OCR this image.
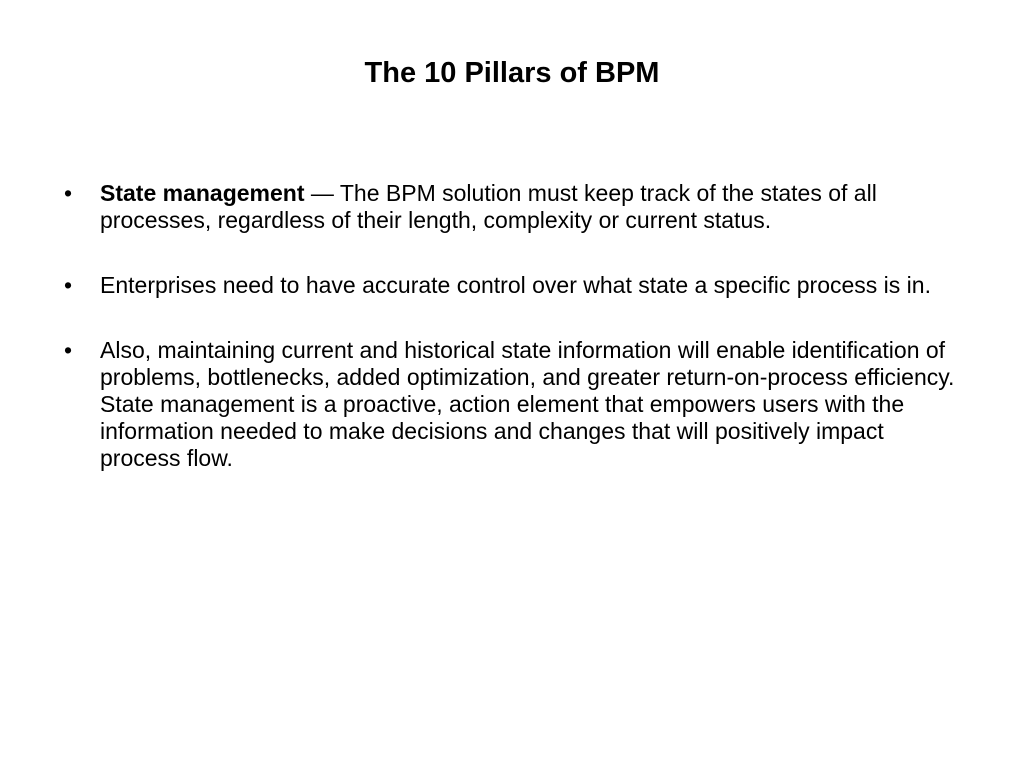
The 10 Pillars of BPM
• State management — The BPM solution must keep track of the states of all processes, regardless of their length, complexity or current status.
• Enterprises need to have accurate control over what state a specific process is in.
• Also, maintaining current and historical state information will enable identification of problems, bottlenecks, added optimization, and greater return-on-process efficiency. State management is a proactive, action element that empowers users with the information needed to make decisions and changes that will positively impact process flow.
